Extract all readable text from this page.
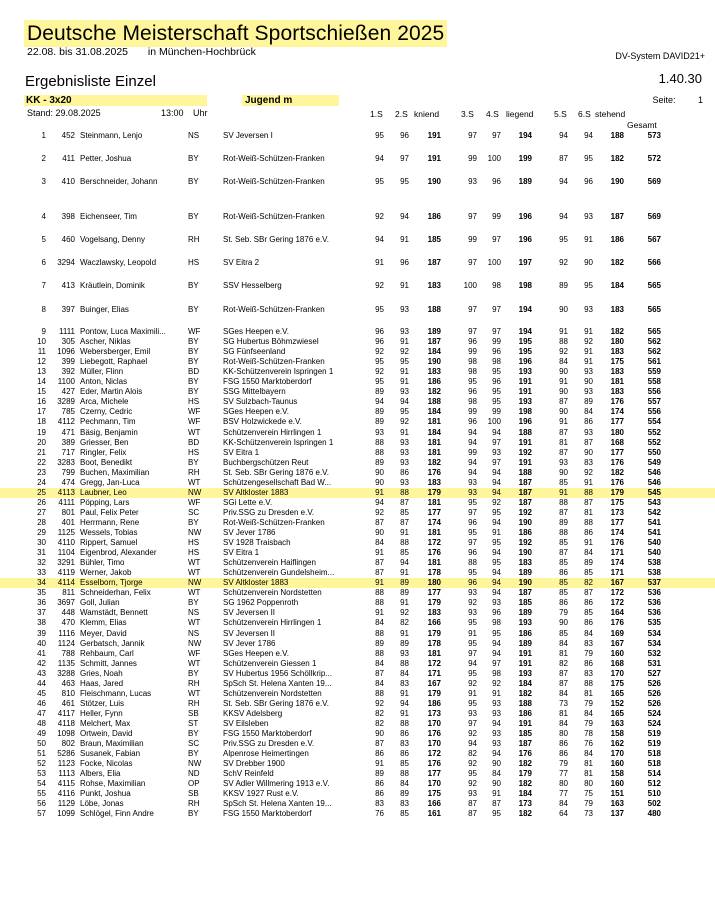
Deutsche Meisterschaft Sportschießen 2025
22.08. bis 31.08.2025 in München-Hochbrück	DV-System DAVID21+
Ergebnisliste Einzel	1.40.30
KK - 3x20	Jugend m	Seite:	1
Stand: 29.08.2025	13:00 Uhr	1.S 2.S kniend	3.S 4.S liegend 5.S 6.S stehend
Gesamt
1 452 Steinmann, Lenjo	NS	SV Jeversen I	95 96 191	97 97 194	94 94 188	573
2 411 Petter, Joshua	BY	Rot-Weiß-Schützen-Franken	94 97 191	99 100 199	87 95 182	572
3 410 Berschneider, Johann	BY	Rot-Weiß-Schützen-Franken	95 95 190	93 96 189	94 96 190	569
4 398 Eichenseer, Tim	BY	Rot-Weiß-Schützen-Franken	92 94 186	97 99 196	94 93 187	569
5 460 Vogelsang, Denny	RH	St. Seb. SBr Gering 1876 e.V.	94 91 185	99 97 196	95 91 186	567
6 3294 Waczlawsky, Leopold	HS	SV Eitra 2	91 96 187	97 100 197	92 90 182	566
7 413 Kräutlein, Dominik	BY	SSV Hesselberg	92 91 183	100 98 198	89 95 184	565
8 397 Buinger, Elias	BY	Rot-Weiß-Schützen-Franken	95 93 188	97 97 194	90 93 183	565
9 1111 Pontow, Luca Maximili...	WF	SGes Heepen e.V.	96 93 189	97 97 194	91 91 182	565
10 305 Ascher, Niklas	BY	SG Hubertus Böhmzwiesel	96 91 187	96 99 195	88 92 180	562
11 1096 Webersberger, Emil	BY	SG Fünfseenland	92 92 184	99 96 195	92 91 183	562
12 399 Liebegott, Raphael	BY	Rot-Weiß-Schützen-Franken	95 95 190	98 98 196	84 91 175	561
13 392 Müller, Flinn	BD	KK-Schützenverein Ispringen 1	92 91 183	98 95 193	90 93 183	559
14 1100 Anton, Niclas	BY	FSG 1550 Marktoberdorf	95 91 186	95 96 191	91 90 181	558
15 427 Eder, Martin Alois	BY	SSG Mittelbayern	89 93 182	96 95 191	90 93 183	556
16 3289 Arca, Michele	HS	SV Sulzbach-Taunus	94 94 188	98 95 193	87 89 176	557
17 785 Czerny, Cedric	WF	SGes Heepen e.V.	89 95 184	99 99 198	90 84 174	556
18 4112 Pechmann, Tim	WF	BSV Holzwickede e.V.	89 92 181	96 100 196	91 86 177	554
19 471 Bäsig, Benjamin	WT	Schützenverein Hirrlingen 1	93 91 184	94 94 188	87 93 180	552
20 389 Griesser, Ben	BD	KK-Schützenverein Ispringen 1	88 93 181	94 97 191	81 87 168	552
21 717 Ringler, Felix	HS	SV Eitra 1	88 93 181	99 93 192	87 90 177	550
22 3283 Boot, Benedikt	BY	Buchbergschützen Reut	89 93 182	94 97 191	93 83 176	549
23 799 Buchen, Maximilian	RH	St. Seb. SBr Gering 1876 e.V.	90 86 176	94 94 188	90 92 182	546
24 474 Gregg, Jan-Luca	WT	Schützengesellschaft Bad W...	90 93 183	93 94 187	85 91 176	546
25 4113 Laubner, Leo	NW	SV Altkloster 1883	91 88 179	93 94 187	91 88 179	545
26 4111 Pöpping, Lars	WF	SGi Lette e.V.	94 87 181	95 92 187	88 87 175	543
27 801 Paul, Felix Peter	SC	Priv.SSG zu Dresden e.V.	92 85 177	97 95 192	87 81 173	542
28 401 Herrmann, Rene	BY	Rot-Weiß-Schützen-Franken	87 87 174	96 94 190	89 88 177	541
29 1125 Wessels, Tobias	NW	SV Jever 1786	90 91 181	95 91 186	88 86 174	541
30 4110 Rippert, Samuel	HS	SV 1928 Traisbach	84 88 172	97 95 192	85 91 176	540
31 1104 Eigenbrod, Alexander	HS	SV Eitra 1	91 85 176	96 94 190	87 84 171	540
32 3291 Bühler, Timo	WT	Schützenverein Haiflingen	87 94 181	88 95 183	85 89 174	538
33 4119 Werner, Jakob	WT	Schützenverein Gundelsheim...	87 91 178	95 94 189	86 85 171	538
34 4114 Esselborn, Tjorge	NW	SV Altkloster 1883	91 89 180	96 94 190	85 82 167	537
35 811 Schneiderhan, Felix	WT	Schützenverein Nordstetten	88 89 177	93 94 187	85 87 172	536
36 3697 Goll, Julian	BY	SG 1962 Poppenroth	88 91 179	92 93 185	86 86 172	536
37 448 Wamstädt, Bennett	NS	SV Jeversen II	91 92 183	93 96 189	79 85 164	536
38 470 Klemm, Elias	WT	Schützenverein Hirrlingen 1	84 82 166	95 98 193	90 86 176	535
39 1116 Meyer, David	NS	SV Jeversen II	88 91 179	91 95 186	85 84 169	534
40 1124 Gerbatsch, Jannik	NW	SV Jever 1786	89 89 178	95 94 189	84 83 167	534
41 788 Rehbaum, Carl	WF	SGes Heepen e.V.	88 93 181	97 94 191	81 79 160	532
42 1135 Schmitt, Jannes	WT	Schützenverein Giessen 1	84 88 172	94 97 191	82 86 168	531
43 3288 Gries, Noah	BY	SV Hubertus 1956 Schöllkrip...	87 84 171	95 98 193	87 83 170	527
44 463 Haas, Jared	RH	SpSch St. Helena Xanten 19...	84 83 167	92 92 184	87 88 175	526
45 810 Fleischmann, Lucas	WT	Schützenverein Nordstetten	88 91 179	91 91 182	84 81 165	526
46 461 Stötzer, Luis	RH	St. Seb. SBr Gering 1876 e.V.	92 94 186	95 93 188	73 79 152	526
47 4117 Heller, Fynn	SB	KKSV Adelsberg	82 91 173	93 93 186	81 84 165	524
48 4118 Melchert, Max	ST	SV Eilsleben	82 88 170	97 94 191	84 79 163	524
49 1098 Ortwein, David	BY	FSG 1550 Marktoberdorf	90 86 176	92 93 185	80 78 158	519
50 802 Braun, Maximilian	SC	Priv.SSG zu Dresden e.V.	87 83 170	94 93 187	86 76 162	519
51 5286 Susanek, Fabian	BY	Alpenrose Heimertingen	86 86 172	82 94 176	86 84 170	518
52 1123 Focke, Nicolas	NW	SV Drebber 1900	91 85 176	92 90 182	79 81 160	518
53 1113 Albers, Elia	ND	SchV Reinfeld	89 88 177	95 84 179	77 81 158	514
54 4115 Rohse, Maximilian	OP	SV Adler Willmering 1913 e.V.	86 84 170	92 90 182	80 80 160	512
55 4116 Punkt, Joshua	SB	KKSV 1927 Rust e.V.	86 89 175	93 91 184	77 75 151	510
56 1129 Löbe, Jonas	RH	SpSch St. Helena Xanten 19...	83 83 166	87 87 173	84 79 163	502
57 1099 Schlögel, Finn Andre	BY	FSG 1550 Marktoberdorf	76 85 161	87 95 182	64 73 137	480
